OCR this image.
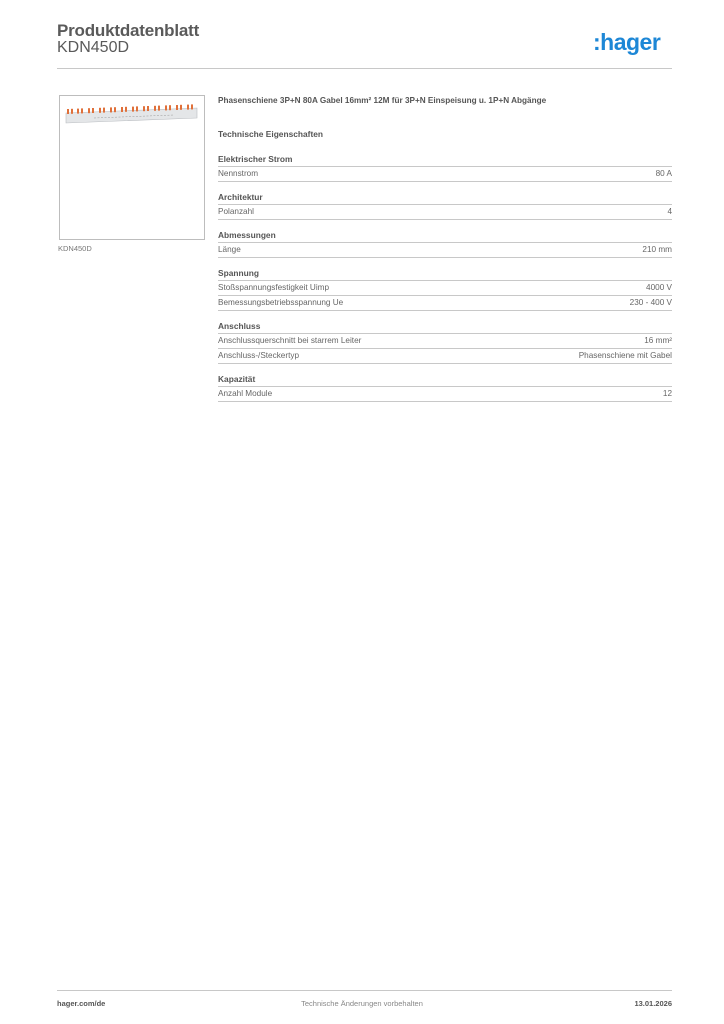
Produktdatenblatt
KDN450D	:hager
KDN450D
Phasenschiene 3P+N 80A Gabel 16mm² 12M für 3P+N Einspeisung u. 1P+N Abgänge
Technische Eigenschaften
Elektrischer Strom
Nennstrom	80 A
Architektur
Polanzahl	4
Abmessungen
Länge	210 mm
Spannung
Stoßspannungsfestigkeit Uimp	4000 V
Bemessungsbetriebsspannung Ue	230 - 400 V
Anschluss
Anschlussquerschnitt bei starrem Leiter	16 mm²
Anschluss-/Steckertyp	Phasenschiene mit Gabel
Kapazität
Anzahl Module	12
hager.com/de	Technische Änderungen vorbehalten	13.01.2026
